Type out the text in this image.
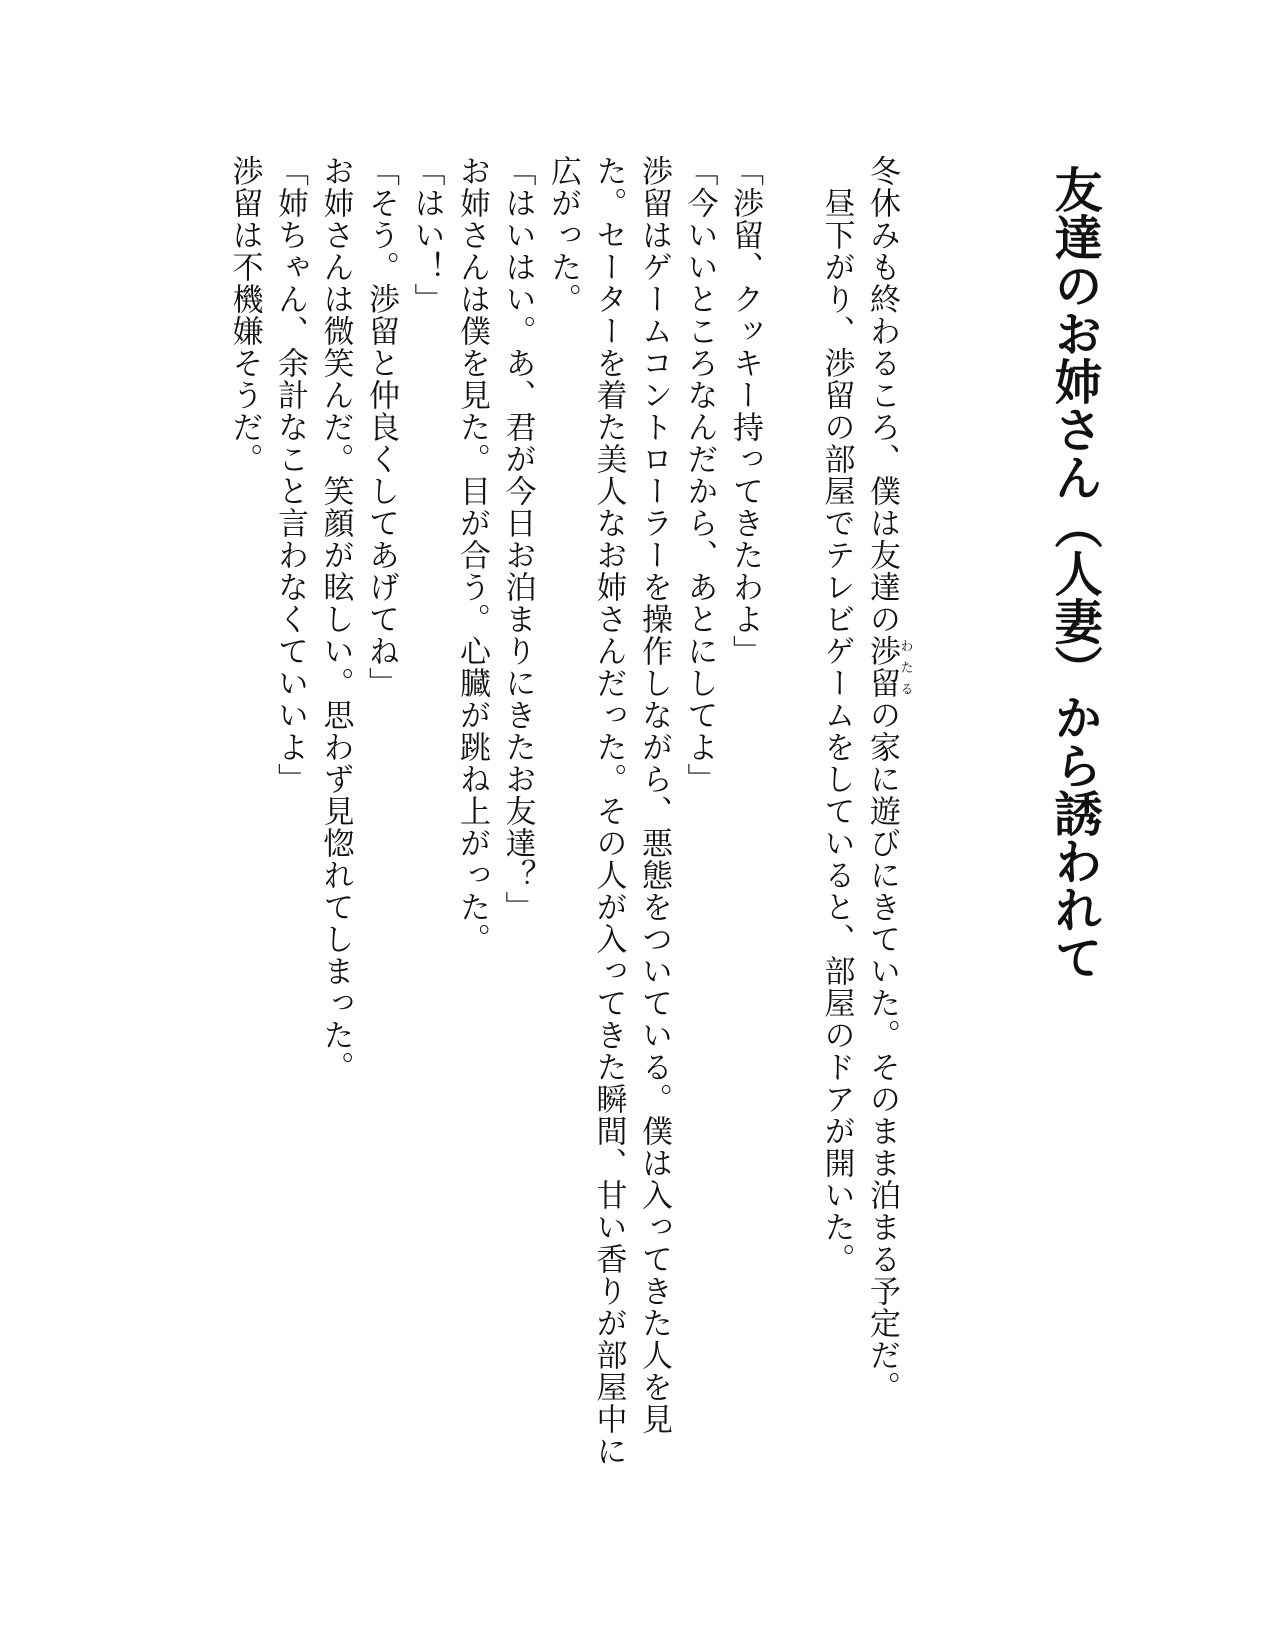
友達のお姉さん（人妻）から誘われて

冬休みも終わるころ、僕は友達の渉留わたるの家に遊びにきていた。そのまま泊まる予定だ。

昼下がり、渉留の部屋でテレビゲームをしていると、部屋のドアが開いた。

「渉留、クッキー持ってきたわよ」

「今いいところなんだから、あとにしてよ」

渉留はゲームコントローラーを操作しながら、悪態をついている。僕は入ってきた人を見た。セーターを着た美人なお姉さんだった。その人が入ってきた瞬間、甘い香りが部屋中に広がった。

「はいはい。あ、君が今日お泊まりにきたお友達？」

お姉さんは僕を見た。目が合う。心臓が跳ね上がった。

「はい！」

「そう。渉留と仲良くしてあげてね」

お姉さんは微笑んだ。笑顔が眩しい。思わず見惚れてしまった。

「姉ちゃん、余計なこと言わなくていいよ」

渉留は不機嫌そうだ。
